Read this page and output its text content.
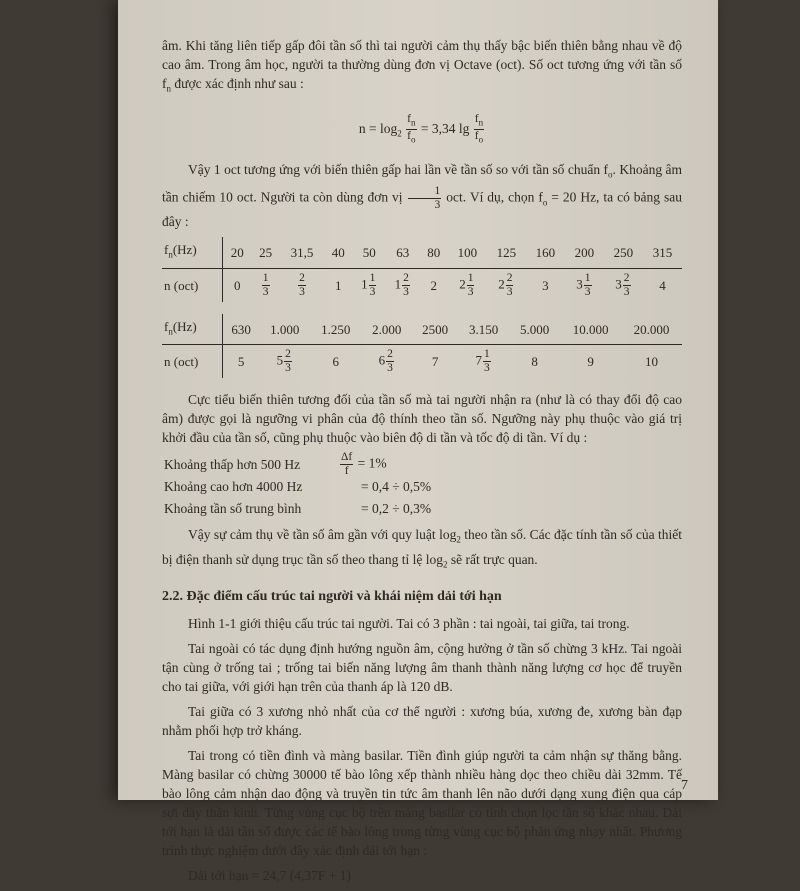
âm. Khi tăng liên tiếp gấp đôi tần số thì tai người cảm thụ thấy bậc biến thiên bằng nhau về độ cao âm. Trong âm học, người ta thường dùng đơn vị Octave (oct). Số oct tương ứng với tần số $f_n$ được xác định như sau :

$n = \log_2 \frac{f_n}{f_o} = 3,34$ $\lg \frac{f_n}{f_o}$

Vậy 1 oct tương ứng với biến thiên gấp hai lần về tần số so với tần số chuẩn $f_o$. Khoảng âm tần chiếm 10 oct. Người ta còn dùng đơn vị $\frac{1}{3}$ oct. Ví dụ, chọn $f_o = 20$ Hz, ta có bảng sau đây :

$f_n(Hz)$	20	25	31,5	40	50	63	80	100	125	160	200	250	315
n (oct)	0	$\frac{1}{3}$	$\frac{2}{3}$	1	$1 \frac{1}{3}$	$1 \frac{2}{3}$	2	$2 \frac{1}{3}$	$2 \frac{2}{3}$	3	$3 \frac{1}{3}$	$3 \frac{2}{3}$	4
$f_n(Hz)$	630	1.000	1.250	2.000	2500	3.150	5.000	10.000	20.000
n (oct)	5	$5 \frac{2}{3}$	6	$6 \frac{2}{3}$	7	$7 \frac{1}{3}$	8	9	10

Cực tiểu biến thiên tương đối của tần số mà tai người nhận ra (như là có thay đổi độ cao âm) được gọi là ngưỡng vi phân của độ thính theo tần số. Ngưỡng này phụ thuộc vào giá trị khởi đầu của tần số, cũng phụ thuộc vào biên độ di tần và tốc độ di tần. Ví dụ :

Khoảng thấp hơn 500 Hz	$\frac{\Delta f}{f} = 1\%$
Khoảng cao hơn 4000 Hz	= 0,4 ÷ 0,5%
Khoảng tần số trung bình	= 0,2 ÷ 0,3%

Vậy sự cảm thụ về tần số âm gần với quy luật $\log_2$ theo tần số. Các đặc tính tần số của thiết bị điện thanh sử dụng trục tần số theo thang tỉ lệ $\log_2$ sẽ rất trực quan.

2.2. Đặc điểm cấu trúc tai người và khái niệm dải tới hạn

Hình 1-1 giới thiệu cấu trúc tai người. Tai có 3 phần : tai ngoài, tai giữa, tai trong.

Tai ngoài có tác dụng định hướng nguồn âm, cộng hưởng ở tần số chừng 3 kHz. Tai ngoài tận cùng ở trống tai ; trống tai biến năng lượng âm thanh thành năng lượng cơ học để truyền cho tai giữa, với giới hạn trên của thanh áp là 120 dB.

Tai giữa có 3 xương nhỏ nhất của cơ thể người : xương búa, xương đe, xương bàn đạp nhằm phối hợp trở kháng.

Tai trong có tiền đình và màng basilar. Tiền đình giúp người ta cảm nhận sự thăng bằng. Màng basilar có chừng 30000 tế bào lông xếp thành nhiều hàng dọc theo chiều dài 32mm. Tế bào lông cảm nhận dao động và truyền tin tức âm thanh lên não dưới dạng xung điện qua cáp sợi dây thần kinh. Từng vùng cục bộ trên màng basilar có tính chọn lọc tần số khác nhau. Dải tới hạn là dải tần số được các tế bào lông trong từng vùng cục bộ phản ứng nhạy nhất. Phương trình thực nghiệm dưới đây xác định dải tới hạn :

Dải tới hạn = 24,7 (4,37F + 1)

7
